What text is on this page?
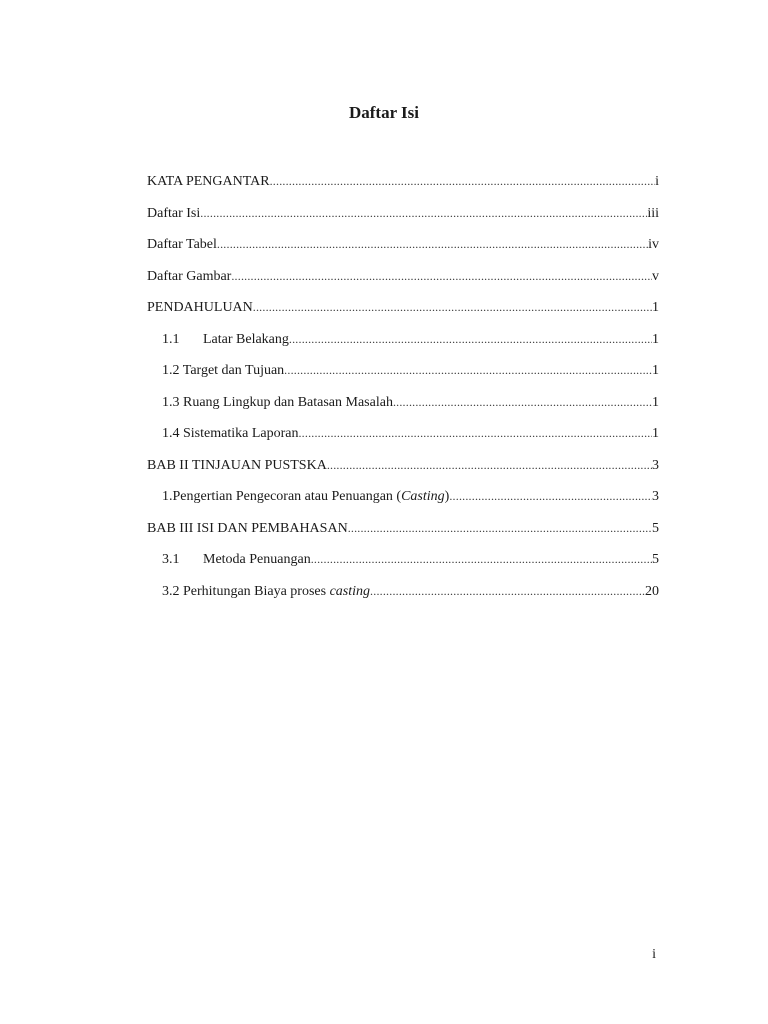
Daftar Isi
KATA PENGANTAR .....	i
Daftar Isi .....	iii
Daftar Tabel .....	iv
Daftar Gambar .....	v
PENDAHULUAN .....	1
1.1 Latar Belakang .....	1
1.2 Target dan Tujuan .....	1
1.3 Ruang Lingkup dan Batasan Masalah .....	1
1.4 Sistematika Laporan .....	1
BAB II TINJAUAN PUSTSKA .....	3
1.Pengertian Pengecoran atau Penuangan (Casting) .....	3
BAB III ISI DAN PEMBAHASAN .....	5
3.1 Metoda Penuangan .....	5
3.2 Perhitungan Biaya proses casting .....	20
i
